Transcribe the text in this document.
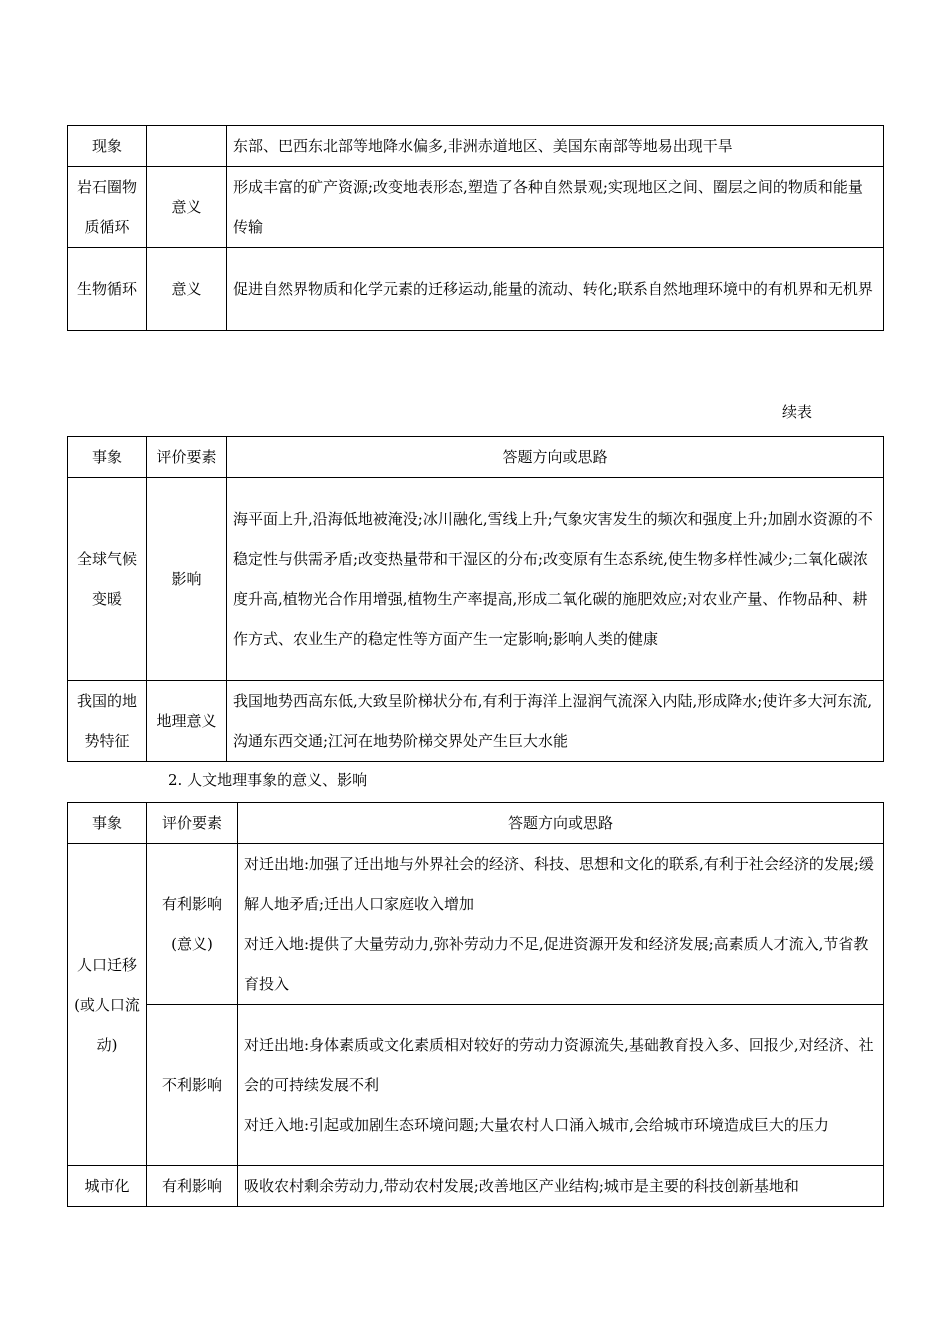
现象		东部、巴西东北部等地降水偏多,非洲赤道地区、美国东南部等地易出现干旱
岩石圈物质循环	意义	形成丰富的矿产资源;改变地表形态,塑造了各种自然景观;实现地区之间、圈层之间的物质和能量传输
生物循环	意义	促进自然界物质和化学元素的迁移运动,能量的流动、转化;联系自然地理环境中的有机界和无机界
续表
事象	评价要素	答题方向或思路
全球气候变暖	影响	海平面上升,沿海低地被淹没;冰川融化,雪线上升;气象灾害发生的频次和强度上升;加剧水资源的不稳定性与供需矛盾;改变热量带和干湿区的分布;改变原有生态系统,使生物多样性减少;二氧化碳浓度升高,植物光合作用增强,植物生产率提高,形成二氧化碳的施肥效应;对农业产量、作物品种、耕作方式、农业生产的稳定性等方面产生一定影响;影响人类的健康
我国的地势特征	地理意义	我国地势西高东低,大致呈阶梯状分布,有利于海洋上湿润气流深入内陆,形成降水;使许多大河东流,沟通东西交通;江河在地势阶梯交界处产生巨大水能
2. 人文地理事象的意义、影响
事象	评价要素	答题方向或思路
人口迁移(或人口流动)	有利影响(意义)	对迁出地:加强了迁出地与外界社会的经济、科技、思想和文化的联系,有利于社会经济的发展;缓解人地矛盾;迁出人口家庭收入增加
对迁入地:提供了大量劳动力,弥补劳动力不足,促进资源开发和经济发展;高素质人才流入,节省教育投入

	不利影响	对迁出地:身体素质或文化素质相对较好的劳动力资源流失,基础教育投入多、回报少,对经济、社会的可持续发展不利
对迁入地:引起或加剧生态环境问题;大量农村人口涌入城市,会给城市环境造成巨大的压力

城市化	有利影响	吸收农村剩余劳动力,带动农村发展;改善地区产业结构;城市是主要的科技创新基地和
